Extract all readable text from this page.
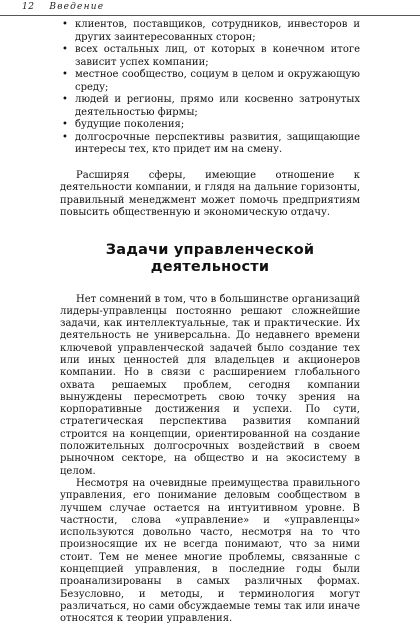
12 Введение
• клиентов, поставщиков, сотрудников, инвесторов и других заинтересованных сторон;
• всех остальных лиц, от которых в конечном итоге зависит успех компании;
• местное сообщество, социум в целом и окружающую среду;
• людей и регионы, прямо или косвенно затронутых деятельностью фирмы;
• будущие поколения;
• долгосрочные перспективы развития, защищающие интересы тех, кто придет им на смену.

Расширяя сферы, имеющие отношение к деятельности компании, и глядя на дальние горизонты, правильный менеджмент может помочь предприятиям повысить общественную и экономическую отдачу.

Задачи управленческой
деятельности

Нет сомнений в том, что в большинстве организаций лидеры-управленцы постоянно решают сложнейшие задачи, как интеллектуальные, так и практические. Их деятельность не универсальна. До недавнего времени ключевой управленческой задачей было создание тех или иных ценностей для владельцев и акционеров компании. Но в связи с расширением глобального охвата решаемых проблем, сегодня компании вынуждены пересмотреть свою точку зрения на корпоративные достижения и успехи. По сути, стратегическая перспектива развития компаний строится на концепции, ориентированной на создание положительных долгосрочных воздействий в своем рыночном секторе, на общество и на экосистему в целом.

Несмотря на очевидные преимущества правильного управления, его понимание деловым сообществом в лучшем случае остается на интуитивном уровне. В частности, слова «управление» и «управленцы» используются довольно часто, несмотря на то что произносящие их не всегда понимают, что за ними стоит. Тем не менее многие проблемы, связанные с концепцией управления, в последние годы были проанализированы в самых различных формах. Безусловно, и методы, и терминология могут различаться, но сами обсуждаемые темы так или иначе относятся к теории управления.
